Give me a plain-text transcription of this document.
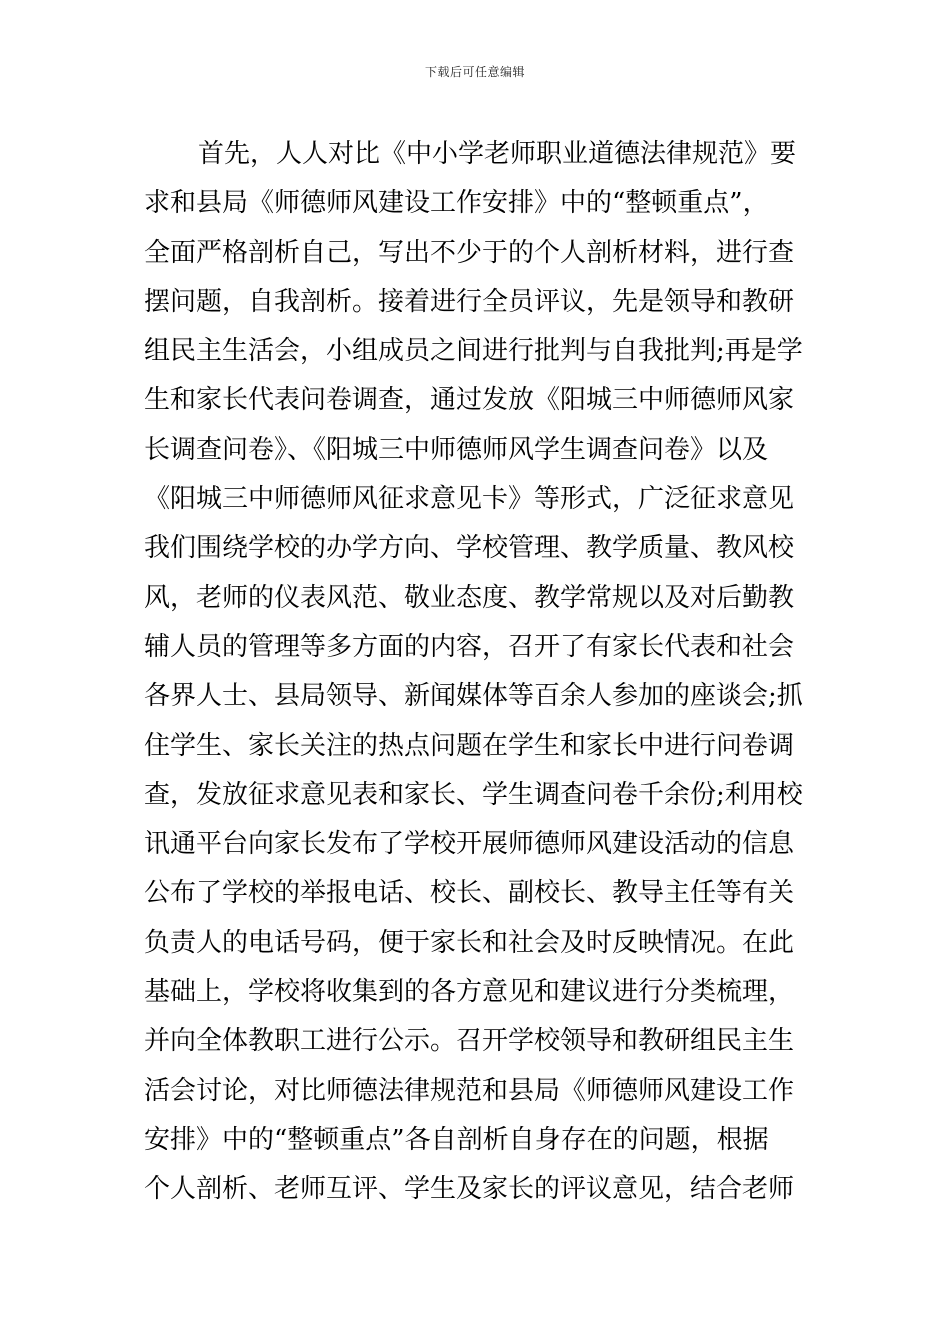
下载后可任意编辑
首先，人人对比《中小学老师职业道德法律规范》要
求和县局《师德师风建设工作安排》中的“整顿重点”，
全面严格剖析自己，写出不少于的个人剖析材料，进行查
摆问题，自我剖析。接着进行全员评议，先是领导和教研
组民主生活会，小组成员之间进行批判与自我批判;再是学
生和家长代表问卷调查，通过发放《阳城三中师德师风家
长调查问卷》、《阳城三中师德师风学生调查问卷》以及
《阳城三中师德师风征求意见卡》等形式，广泛征求意见
我们围绕学校的办学方向、学校管理、教学质量、教风校
风，老师的仪表风范、敬业态度、教学常规以及对后勤教
辅人员的管理等多方面的内容，召开了有家长代表和社会
各界人士、县局领导、新闻媒体等百余人参加的座谈会;抓
住学生、家长关注的热点问题在学生和家长中进行问卷调
查，发放征求意见表和家长、学生调查问卷千余份;利用校
讯通平台向家长发布了学校开展师德师风建设活动的信息
公布了学校的举报电话、校长、副校长、教导主任等有关
负责人的电话号码，便于家长和社会及时反映情况。在此
基础上，学校将收集到的各方意见和建议进行分类梳理，
并向全体教职工进行公示。召开学校领导和教研组民主生
活会讨论，对比师德法律规范和县局《师德师风建设工作
安排》中的“整顿重点”各自剖析自身存在的问题，根据
个人剖析、老师互评、学生及家长的评议意见，结合老师
